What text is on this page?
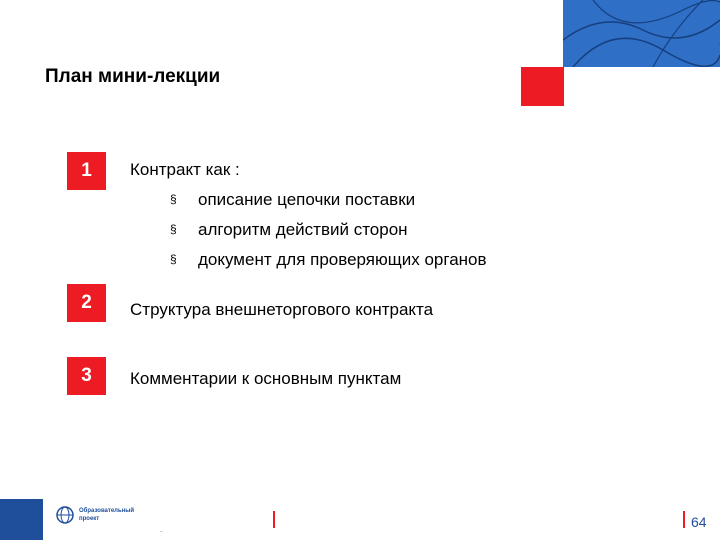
План мини-лекции
1	Контракт как :
§ описание цепочки поставки
§ алгоритм действий сторон
§ документ для проверяющих органов
2	Структура внешнеторгового контракта
3	Комментарии к основным пунктам
Образовательный
проект
.	64
